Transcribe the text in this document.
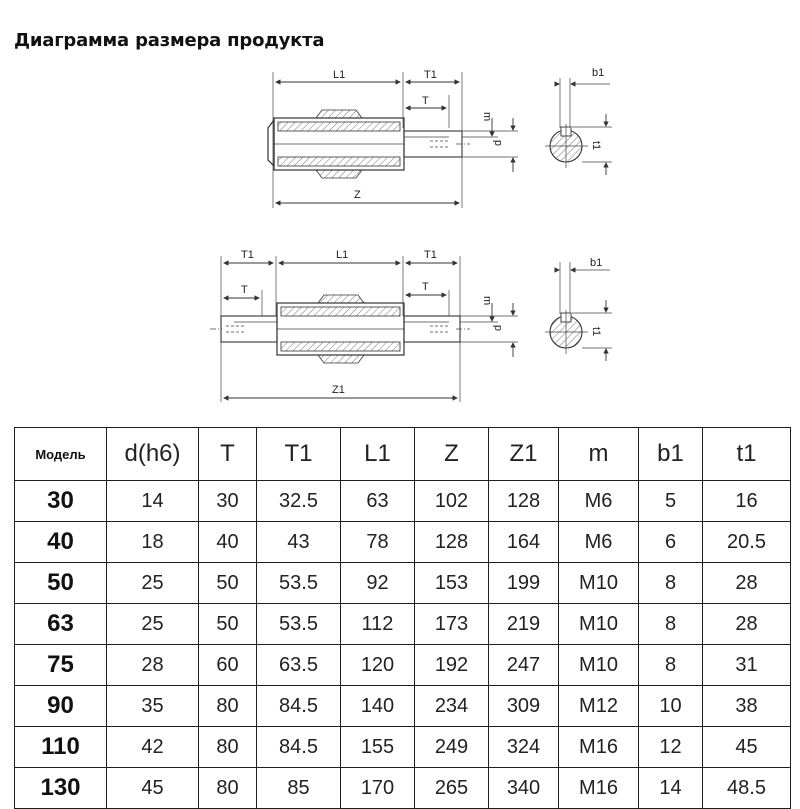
Диаграмма размера продукта
L1	T1
T
m
d
Z
b1
t1
T1
T
L1	T1
T
m
d
Z1
b1
t1
Модель	d(h6)	T	T1	L1	Z	Z1	m	b1	t1
30	14	30	32.5	63	102	128	M6	5	16
40	18	40	43	78	128	164	M6	6	20.5
50	25	50	53.5	92	153	199	M10	8	28
63	25	50	53.5	112	173	219	M10	8	28
75	28	60	63.5	120	192	247	M10	8	31
90	35	80	84.5	140	234	309	M12	10	38
110	42	80	84.5	155	249	324	M16	12	45
130	45	80	85	170	265	340	M16	14	48.5
